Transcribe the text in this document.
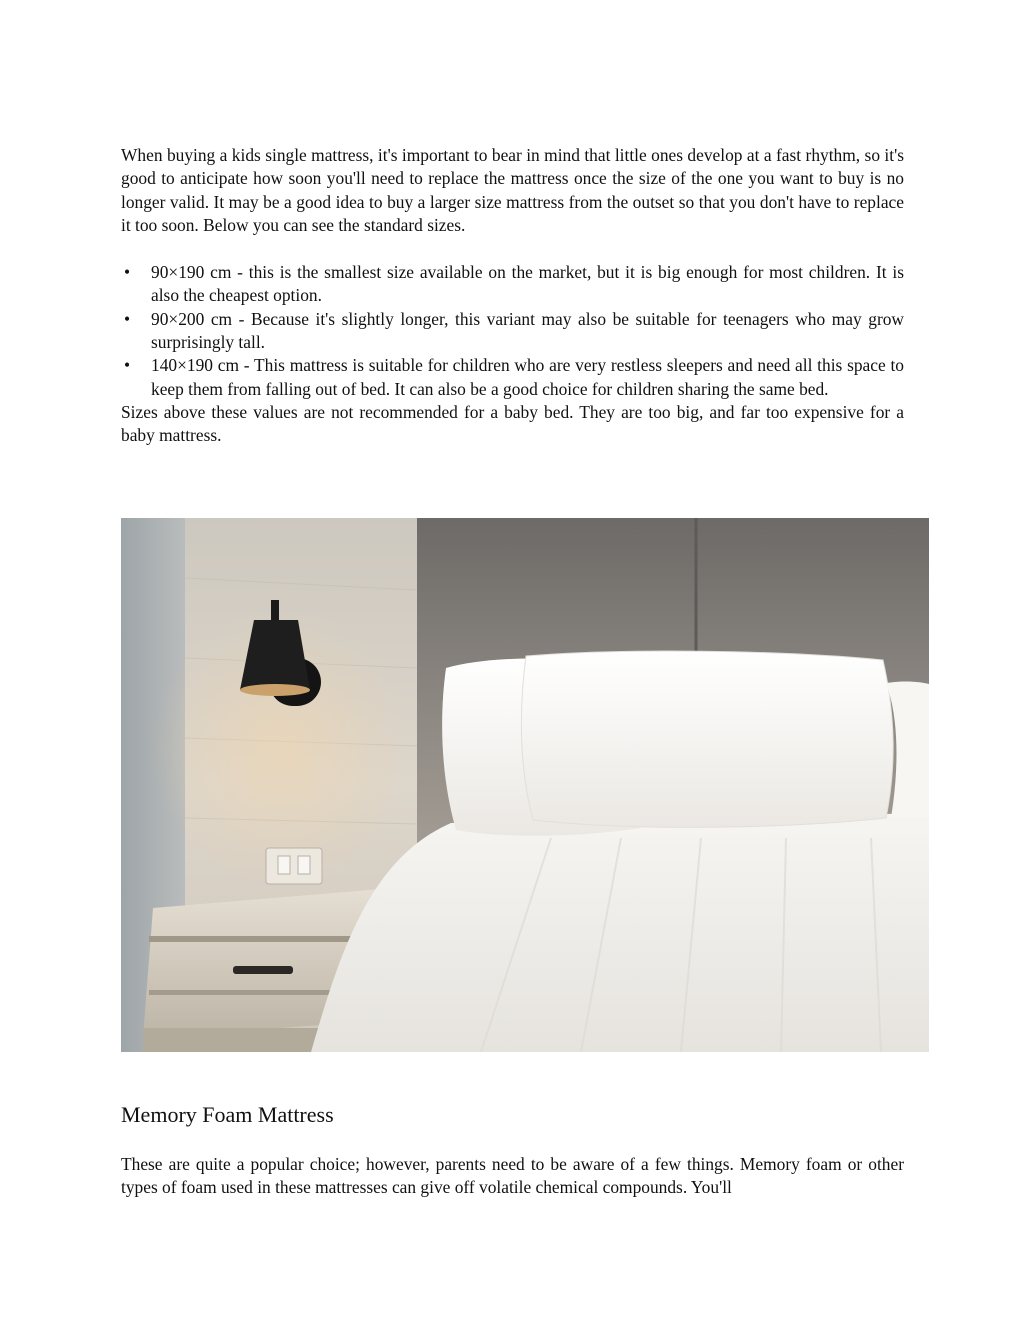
When buying a kids single mattress, it's important to bear in mind that little ones develop at a fast rhythm, so it's good to anticipate how soon you'll need to replace the mattress once the size of the one you want to buy is no longer valid. It may be a good idea to buy a larger size mattress from the outset so that you don't have to replace it too soon. Below you can see the standard sizes.

• 90×190 cm - this is the smallest size available on the market, but it is big enough for most children. It is also the cheapest option.
• 90×200 cm - Because it's slightly longer, this variant may also be suitable for teenagers who may grow surprisingly tall.
• 140×190 cm - This mattress is suitable for children who are very restless sleepers and need all this space to keep them from falling out of bed. It can also be a good choice for children sharing the same bed.

Sizes above these values are not recommended for a baby bed. They are too big, and far too expensive for a baby mattress.

Memory Foam Mattress

These are quite a popular choice; however, parents need to be aware of a few things. Memory foam or other types of foam used in these mattresses can give off volatile chemical compounds. You'll
